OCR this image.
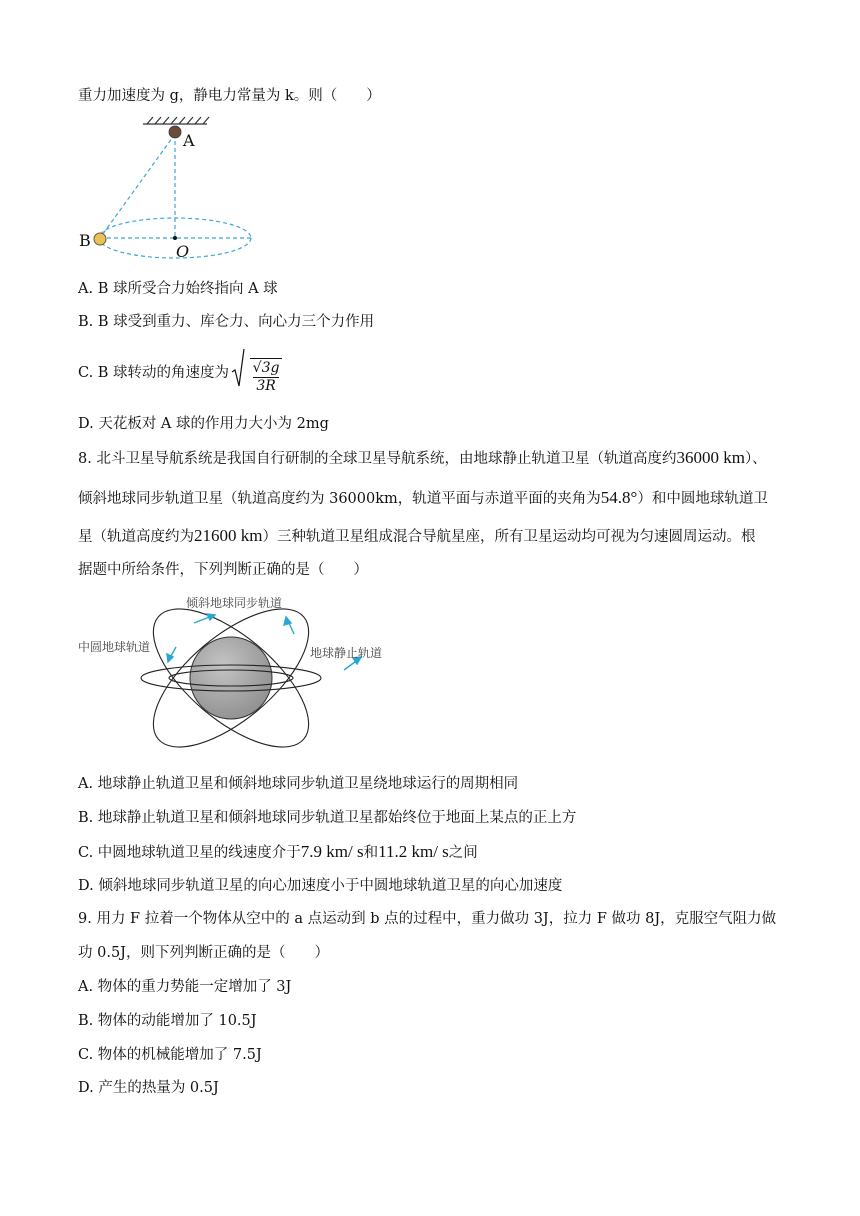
重力加速度为 g，静电力常量为 k。则（　　）
A
B
O
A. B 球所受合力始终指向 A 球
B. B 球受到重力、库仑力、向心力三个力作用
C. B 球转动的角速度为
$\frac{√3g}{3R}$
D. 天花板对 A 球的作用力大小为 2mg
8. 北斗卫星导航系统是我国自行研制的全球卫星导航系统，由地球静止轨道卫星（轨道高度约36000 km）、
倾斜地球同步轨道卫星（轨道高度约为 36000km，轨道平面与赤道平面的夹角为54.8°）和中圆地球轨道卫
星（轨道高度约为21600 km）三种轨道卫星组成混合导航星座，所有卫星运动均可视为匀速圆周运动。根
据题中所给条件，下列判断正确的是（　　）
倾斜地球同步轨道
中圆地球轨道	地球静止轨道
A. 地球静止轨道卫星和倾斜地球同步轨道卫星绕地球运行的周期相同
B. 地球静止轨道卫星和倾斜地球同步轨道卫星都始终位于地面上某点的正上方
C. 中圆地球轨道卫星的线速度介于7.9 km/ s和11.2 km/ s之间
D. 倾斜地球同步轨道卫星的向心加速度小于中圆地球轨道卫星的向心加速度
9. 用力 F 拉着一个物体从空中的 a 点运动到 b 点的过程中，重力做功 3J，拉力 F 做功 8J，克服空气阻力做
功 0.5J，则下列判断正确的是（　　）
A. 物体的重力势能一定增加了 3J
B. 物体的动能增加了 10.5J
C. 物体的机械能增加了 7.5J
D. 产生的热量为 0.5J
